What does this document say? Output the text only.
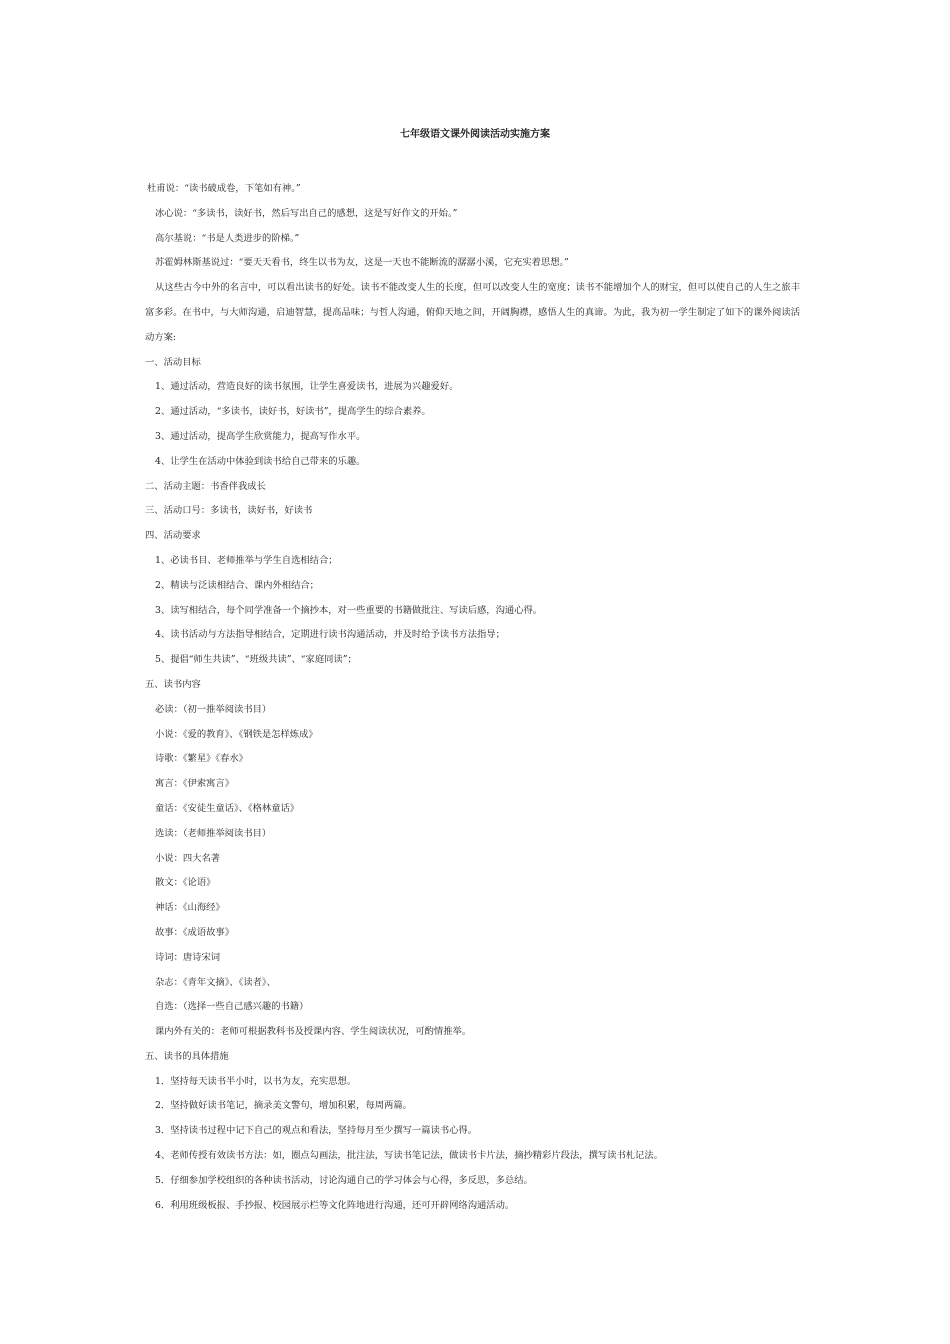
七年级语文课外阅读活动实施方案
杜甫说：“读书破成卷，下笔如有神。”
冰心说：“多读书，读好书，然后写出自己的感想，这是写好作文的开始。”
高尔基说：“书是人类进步的阶梯。”
苏霍姆林斯基说过：“要天天看书，终生以书为友，这是一天也不能断流的潺潺小溪，它充实着思想。”

从这些古今中外的名言中，可以看出读书的好处。读书不能改变人生的长度，但可以改变人生的宽度；读书不能增加个人的财宝，但可以使自己的人生之旅丰富多彩。在书中，与大师沟通，启迪智慧，提高品味；与哲人沟通，俯仰天地之间，开阔胸襟，感悟人生的真谛。为此，我为初一学生制定了如下的课外阅读活动方案:

一、活动目标
1、通过活动，营造良好的读书氛围，让学生喜爱读书，进展为兴趣爱好。
2、通过活动，“多读书，读好书，好读书”，提高学生的综合素养。
3、通过活动，提高学生欣赏能力，提高写作水平。
4、让学生在活动中体验到读书给自己带来的乐趣。
二、活动主题：书香伴我成长
三、活动口号：多读书，读好书，好读书
四、活动要求
1、必读书目、老师推举与学生自选相结合；
2、精读与泛读相结合、课内外相结合；
3、读写相结合，每个同学准备一个摘抄本，对一些重要的书籍做批注、写读后感，沟通心得。
4、读书活动与方法指导相结合，定期进行读书沟通活动，并及时给予读书方法指导；
5、提倡“师生共读”、“班级共读”、“家庭同读”；
五、读书内容
必读：（初一推举阅读书目）
小说：《爱的教育》、《钢铁是怎样炼成》
诗歌：《繁星》《春水》
寓言：《伊索寓言》
童话：《安徒生童话》、《格林童话》
选读：（老师推举阅读书目）
小说：四大名著
散文：《论语》
神话：《山海经》
故事：《成语故事》
诗词：唐诗宋词
杂志：《青年文摘》、《读者》、
自选：（选择一些自己感兴趣的书籍）
课内外有关的：老师可根据教科书及授课内容、学生阅读状况，可酌情推举。
五、读书的具体措施
1．坚持每天读书半小时，以书为友，充实思想。
2．坚持做好读书笔记，摘录美文警句，增加积累，每周两篇。
3．坚持读书过程中记下自己的观点和看法，坚持每月至少撰写一篇读书心得。
4、老师传授有效读书方法：如，圈点勾画法，批注法，写读书笔记法，做读书卡片法，摘抄精彩片段法，撰写读书札记法。
5．仔细参加学校组织的各种读书活动，讨论沟通自己的学习体会与心得，多反思，多总结。
6．利用班级板报、手抄报、校园展示栏等文化阵地进行沟通，还可开辟网络沟通活动。
